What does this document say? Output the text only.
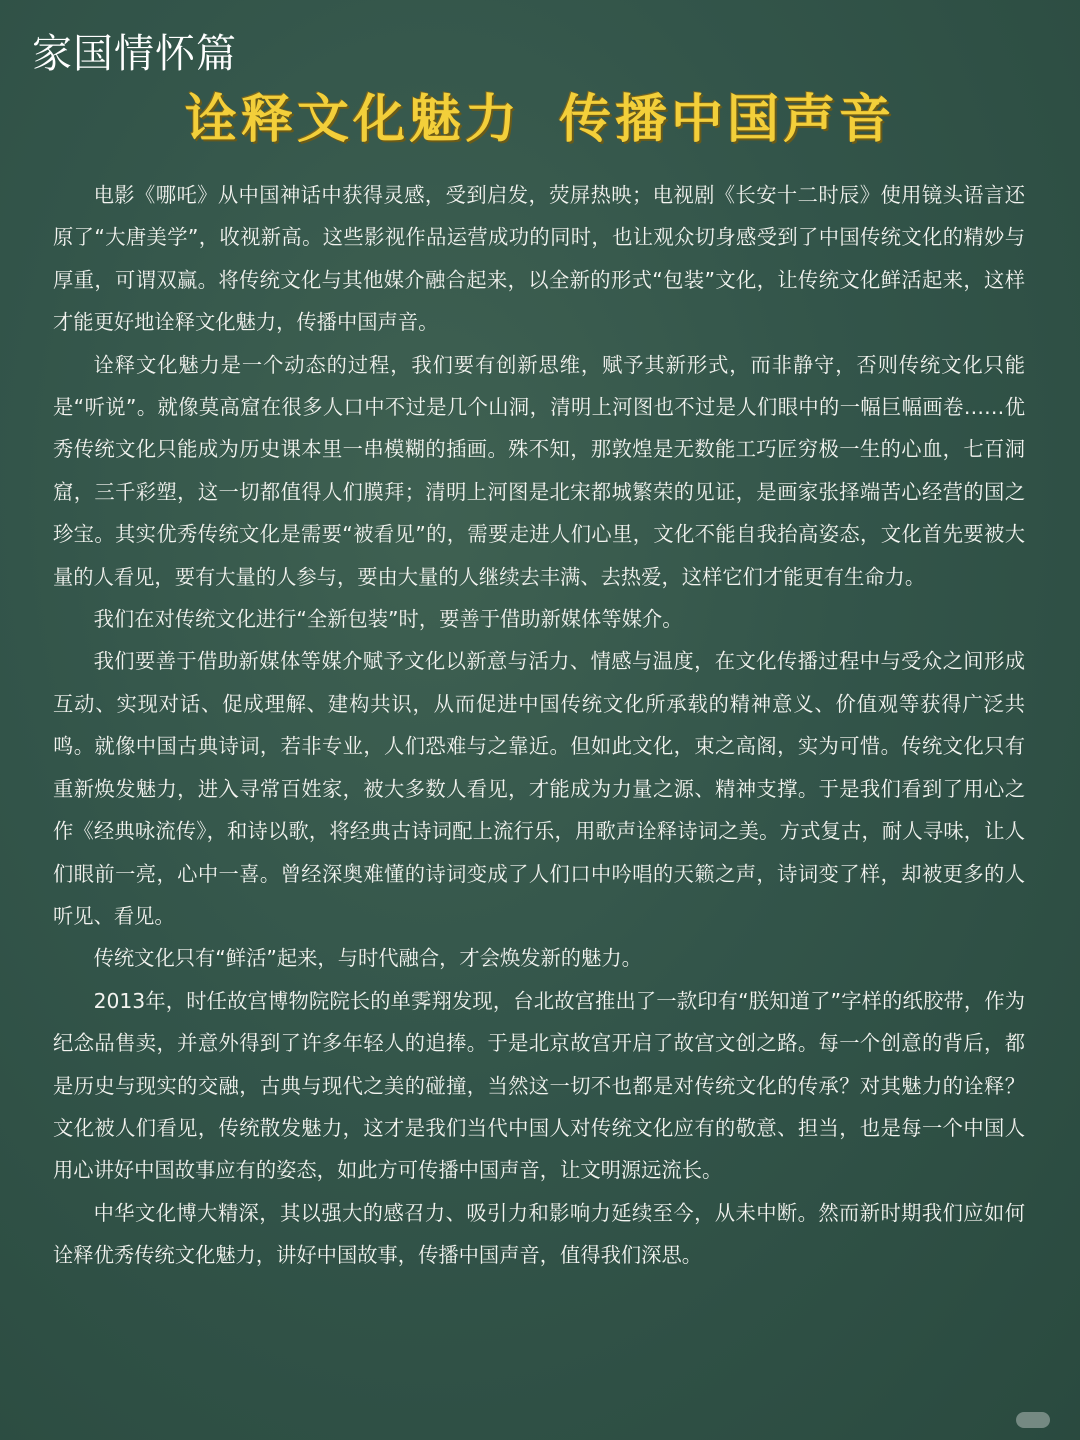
家国情怀篇
诠释文化魅力 传播中国声音

电影《哪吒》从中国神话中获得灵感，受到启发，荧屏热映；电视剧《长安十二时辰》使用镜头语言还原了“大唐美学”，收视新高。这些影视作品运营成功的同时，也让观众切身感受到了中国传统文化的精妙与厚重，可谓双赢。将传统文化与其他媒介融合起来，以全新的形式“包装”文化，让传统文化鲜活起来，这样才能更好地诠释文化魅力，传播中国声音。

诠释文化魅力是一个动态的过程，我们要有创新思维，赋予其新形式，而非静守，否则传统文化只能是“听说”。就像莫高窟在很多人口中不过是几个山洞，清明上河图也不过是人们眼中的一幅巨幅画卷……优秀传统文化只能成为历史课本里一串模糊的插画。殊不知，那敦煌是无数能工巧匠穷极一生的心血，七百洞窟，三千彩塑，这一切都值得人们膜拜；清明上河图是北宋都城繁荣的见证，是画家张择端苦心经营的国之珍宝。其实优秀传统文化是需要“被看见”的，需要走进人们心里，文化不能自我抬高姿态，文化首先要被大量的人看见，要有大量的人参与，要由大量的人继续去丰满、去热爱，这样它们才能更有生命力。

我们在对传统文化进行“全新包装”时，要善于借助新媒体等媒介。

我们要善于借助新媒体等媒介赋予文化以新意与活力、情感与温度，在文化传播过程中与受众之间形成互动、实现对话、促成理解、建构共识，从而促进中国传统文化所承载的精神意义、价值观等获得广泛共鸣。就像中国古典诗词，若非专业，人们恐难与之靠近。但如此文化，束之高阁，实为可惜。传统文化只有重新焕发魅力，进入寻常百姓家，被大多数人看见，才能成为力量之源、精神支撑。于是我们看到了用心之作《经典咏流传》，和诗以歌，将经典古诗词配上流行乐，用歌声诠释诗词之美。方式复古，耐人寻味，让人们眼前一亮，心中一喜。曾经深奥难懂的诗词变成了人们口中吟唱的天籁之声，诗词变了样，却被更多的人听见、看见。

传统文化只有“鲜活”起来，与时代融合，才会焕发新的魅力。

2013年，时任故宫博物院院长的单霁翔发现，台北故宫推出了一款印有“朕知道了”字样的纸胶带，作为纪念品售卖，并意外得到了许多年轻人的追捧。于是北京故宫开启了故宫文创之路。每一个创意的背后，都是历史与现实的交融，古典与现代之美的碰撞，当然这一切不也都是对传统文化的传承？对其魅力的诠释？文化被人们看见，传统散发魅力，这才是我们当代中国人对传统文化应有的敬意、担当，也是每一个中国人用心讲好中国故事应有的姿态，如此方可传播中国声音，让文明源远流长。

中华文化博大精深，其以强大的感召力、吸引力和影响力延续至今，从未中断。然而新时期我们应如何诠释优秀传统文化魅力，讲好中国故事，传播中国声音，值得我们深思。
